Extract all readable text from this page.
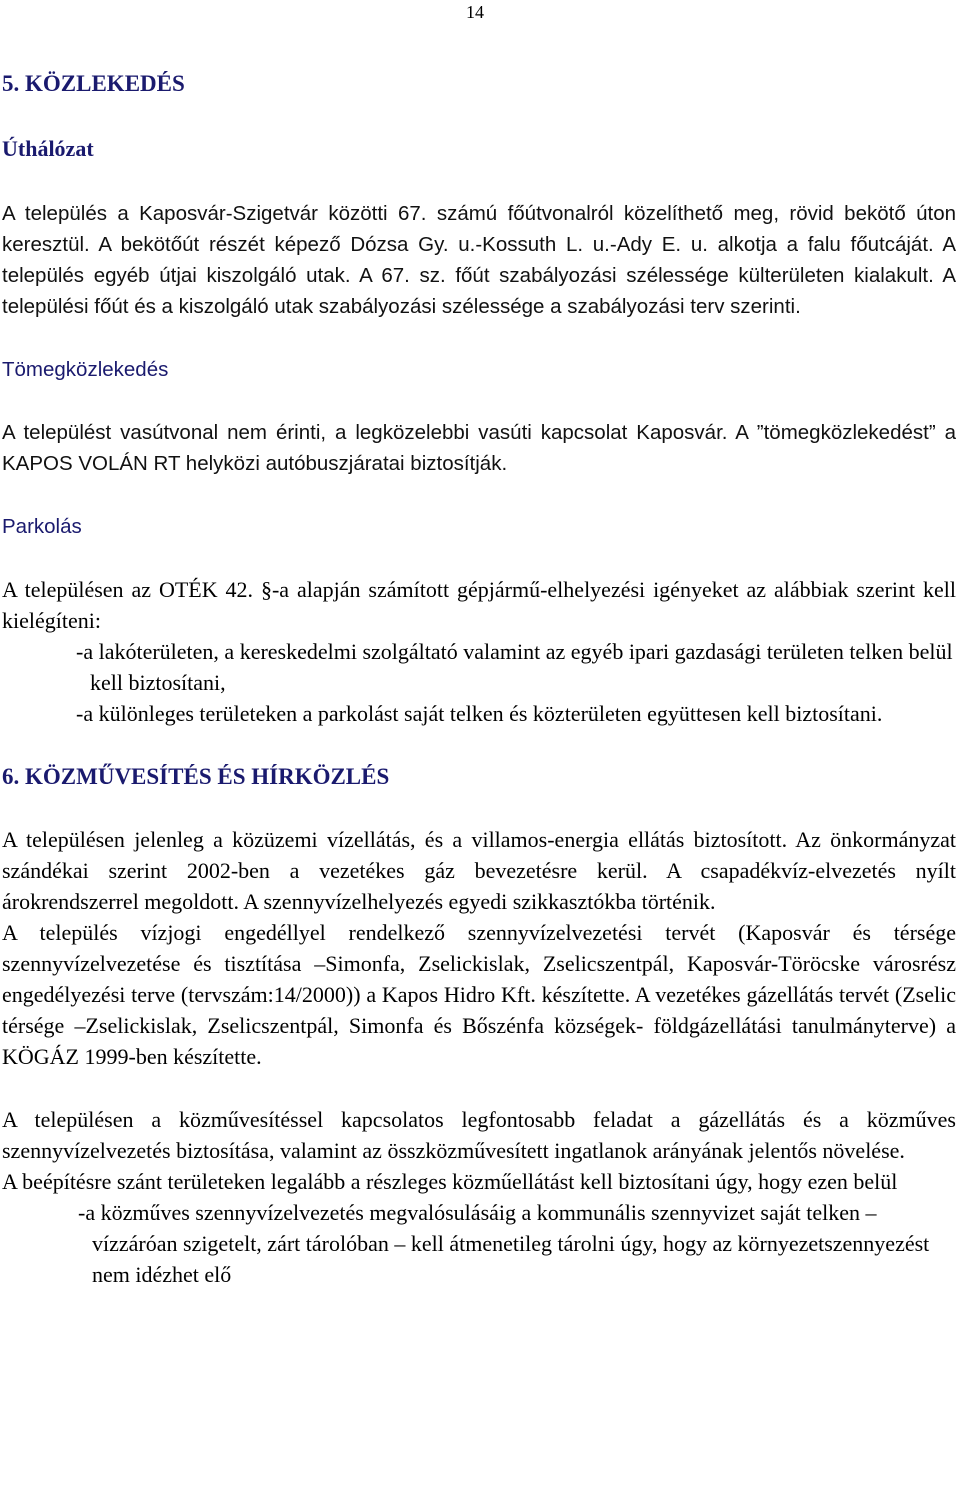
14
5. KÖZLEKEDÉS
Úthálózat

A település a Kaposvár-Szigetvár közötti 67. számú főútvonalról közelíthető meg, rövid bekötő úton keresztül. A bekötőút részét képező Dózsa Gy. u.-Kossuth L. u.-Ady E. u. alkotja a falu főutcáját. A település egyéb útjai kiszolgáló utak. A 67. sz. főút szabályozási szélessége külterületen kialakult. A települési főút és a kiszolgáló utak szabályozási szélessége a szabályozási terv szerinti.

Tömegközlekedés

A települést vasútvonal nem érinti, a legközelebbi vasúti kapcsolat Kaposvár. A ”tömegközlekedést” a KAPOS VOLÁN RT helyközi autóbuszjáratai biztosítják.

Parkolás

A településen az OTÉK 42. §-a alapján számított gépjármű-elhelyezési igényeket az alábbiak szerint kell kielégíteni:

-a lakóterületen, a kereskedelmi szolgáltató valamint az egyéb ipari gazdasági területen telken belül kell biztosítani,
-a különleges területeken a parkolást saját telken és közterületen együttesen kell biztosítani.
6. KÖZMŰVESÍTÉS ÉS HÍRKÖZLÉS

A településen jelenleg a közüzemi vízellátás, és a villamos-energia ellátás biztosított. Az önkormányzat szándékai szerint 2002-ben a vezetékes gáz bevezetésre kerül. A csapadékvíz-elvezetés nyílt árokrendszerrel megoldott. A szennyvízelhelyezés egyedi szikkasztókba történik.

A település vízjogi engedéllyel rendelkező szennyvízelvezetési tervét (Kaposvár és térsége szennyvízelvezetése és tisztítása –Simonfa, Zselickislak, Zselicszentpál, Kaposvár-Töröcske városrész engedélyezési terve (tervszám:14/2000)) a Kapos Hidro Kft. készítette. A vezetékes gázellátás tervét (Zselic térsége –Zselickislak, Zselicszentpál, Simonfa és Bőszénfa községek- földgázellátási tanulmányterve) a KÖGÁZ 1999-ben készítette.

A településen a közművesítéssel kapcsolatos legfontosabb feladat a gázellátás és a közműves szennyvízelvezetés biztosítása, valamint az összközművesített ingatlanok arányának jelentős növelése.

A beépítésre szánt területeken legalább a részleges közműellátást kell biztosítani úgy, hogy ezen belül

-a közműves szennyvízelvezetés megvalósulásáig a kommunális szennyvizet saját telken – vízzáróan szigetelt, zárt tárolóban – kell átmenetileg tárolni úgy, hogy az környezetszennyezést nem idézhet elő
